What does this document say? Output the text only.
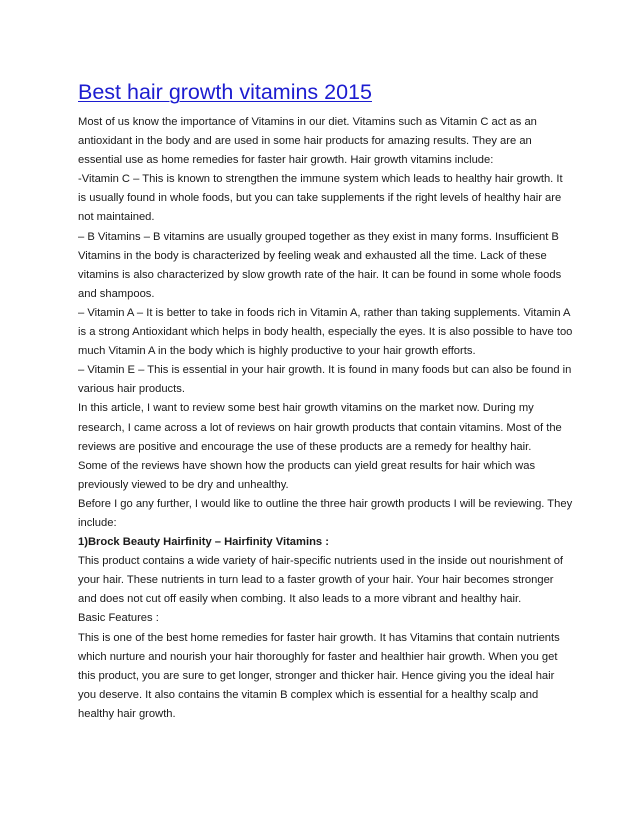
Best hair growth vitamins 2015
Most of us know the importance of Vitamins in our diet. Vitamins such as Vitamin C act as an
antioxidant in the body and are used in some hair products for amazing results. They are an
essential use as home remedies for faster hair growth. Hair growth vitamins include:
-Vitamin C – This is known to strengthen the immune system which leads to healthy hair growth. It
is usually found in whole foods, but you can take supplements if the right levels of healthy hair are
not maintained.
– B Vitamins – B vitamins are usually grouped together as they exist in many forms. Insufficient B
Vitamins in the body is characterized by feeling weak and exhausted all the time. Lack of these
vitamins is also characterized by slow growth rate of the hair. It can be found in some whole foods
and shampoos.
– Vitamin A – It is better to take in foods rich in Vitamin A, rather than taking supplements. Vitamin A
is a strong Antioxidant which helps in body health, especially the eyes. It is also possible to have too
much Vitamin A in the body which is highly productive to your hair growth efforts.
– Vitamin E – This is essential in your hair growth. It is found in many foods but can also be found in
various hair products.
In this article, I want to review some best hair growth vitamins on the market now. During my
research, I came across a lot of reviews on hair growth products that contain vitamins. Most of the
reviews are positive and encourage the use of these products are a remedy for healthy hair.
Some of the reviews have shown how the products can yield great results for hair which was
previously viewed to be dry and unhealthy.
Before I go any further, I would like to outline the three hair growth products I will be reviewing. They
include:
1)Brock Beauty Hairfinity – Hairfinity Vitamins :
This product contains a wide variety of hair-specific nutrients used in the inside out nourishment of
your hair. These nutrients in turn lead to a faster growth of your hair. Your hair becomes stronger
and does not cut off easily when combing. It also leads to a more vibrant and healthy hair.
Basic Features :
This is one of the best home remedies for faster hair growth. It has Vitamins that contain nutrients
which nurture and nourish your hair thoroughly for faster and healthier hair growth. When you get
this product, you are sure to get longer, stronger and thicker hair. Hence giving you the ideal hair
you deserve. It also contains the vitamin B complex which is essential for a healthy scalp and
healthy hair growth.
